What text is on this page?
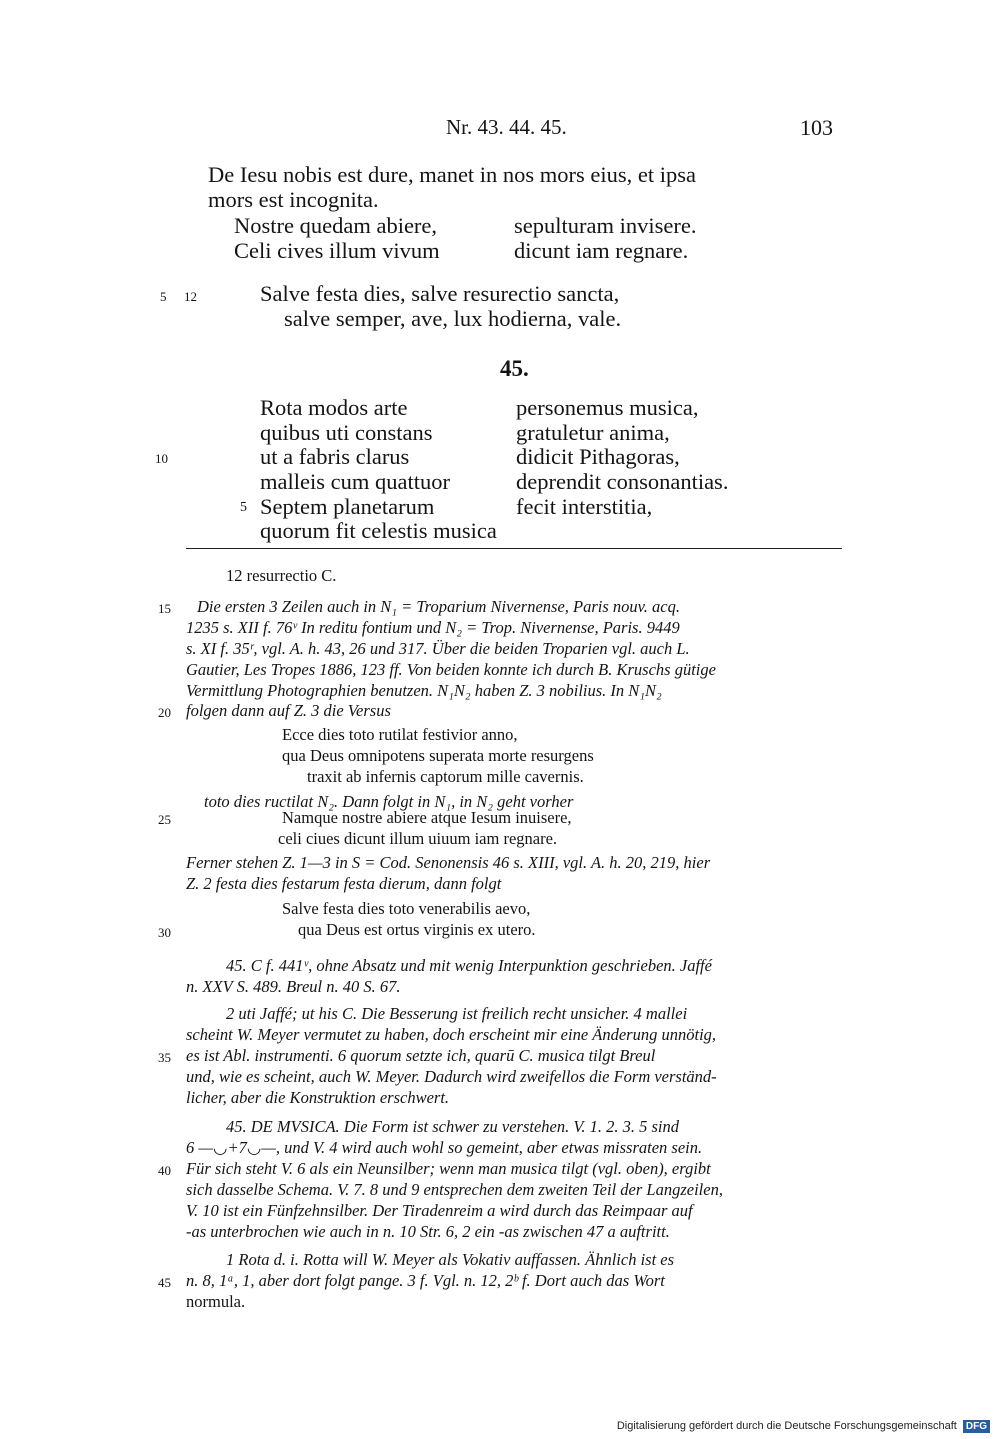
Nr. 43. 44. 45.	103
De Iesu nobis est dure, manet in nos mors eius, et ipsa
mors est incognita.
Nostre quedam abiere,	sepulturam invisere.
Celi cives illum vivum	dicunt iam regnare.
5 12	Salve festa dies, salve resurectio sancta,
salve semper, ave, lux hodierna, vale.
45.
Rota modos arte	personemus musica,
quibus uti constans	gratuletur anima,
10	ut a fabris clarus	didicit Pithagoras,
malleis cum quattuor	deprendit consonantias.
5 Septem planetarum	fecit interstitia,
quorum fit celestis musica
12 resurrectio C.
15 Die ersten 3 Zeilen auch in N₁ = Troparium Nivernense, Paris nouv. acq.
1235 s. XII f. 76ᵛ In reditu fontium und N₂ = Trop. Nivernense, Paris. 9449
s. XI f. 35ʳ, vgl. A. h. 43, 26 und 317. Über die beiden Troparien vgl. auch L.
Gautier, Les Tropes 1886, 123 ff. Von beiden konnte ich durch B. Kruschs gütige
Vermittlung Photographien benutzen. N₁N₂ haben Z. 3 nobilius. In N₁N₂
20 folgen dann auf Z. 3 die Versus
Ecce dies toto rutilat festivior anno,
qua Deus omnipotens superata morte resurgens
traxit ab infernis captorum mille cavernis.
toto dies ructilat N₂. Dann folgt in N₁, in N₂ geht vorher
25	Namque nostre abiere atque Iesum inuisere,
celi ciues dicunt illum uiuum iam regnare.
Ferner stehen Z. 1—3 in S = Cod. Senonensis 46 s. XIII, vgl. A. h. 20, 219, hier
Z. 2 festa dies festarum festa dierum, dann folgt
Salve festa dies toto venerabilis aevo,
30	qua Deus est ortus virginis ex utero.
45. C f. 441ᵛ, ohne Absatz und mit wenig Interpunktion geschrieben. Jaffé
n. XXV S. 489. Breul n. 40 S. 67.
2 uti Jaffé; ut his C. Die Besserung ist freilich recht unsicher. 4 mallei
scheint W. Meyer vermutet zu haben, doch erscheint mir eine Änderung unnötig,
35 es ist Abl. instrumenti. 6 quorum setzte ich, quarū C. musica tilgt Breul
und, wie es scheint, auch W. Meyer. Dadurch wird zweifellos die Form verständ-
licher, aber die Konstruktion erschwert.
45. DE MVSICA. Die Form ist schwer zu verstehen. V. 1. 2. 3. 5 sind
6 —◡+7◡—, und V. 4 wird auch wohl so gemeint, aber etwas missraten sein.
40 Für sich steht V. 6 als ein Neunsilber; wenn man musica tilgt (vgl. oben), ergibt
sich dasselbe Schema. V. 7. 8 und 9 entsprechen dem zweiten Teil der Langzeilen,
V. 10 ist ein Fünfzehnsilber. Der Tiradenreim a wird durch das Reimpaar auf
-as unterbrochen wie auch in n. 10 Str. 6, 2 ein -as zwischen 47 a auftritt.
1 Rota d. i. Rotta will W. Meyer als Vokativ auffassen. Ähnlich ist es
45 n. 8, 1ᵃ, 1, aber dort folgt pange. 3 f. Vgl. n. 12, 2ᵇ f. Dort auch das Wort
normula.
Digitalisierung gefördert durch die Deutsche Forschungsgemeinschaft DFG
